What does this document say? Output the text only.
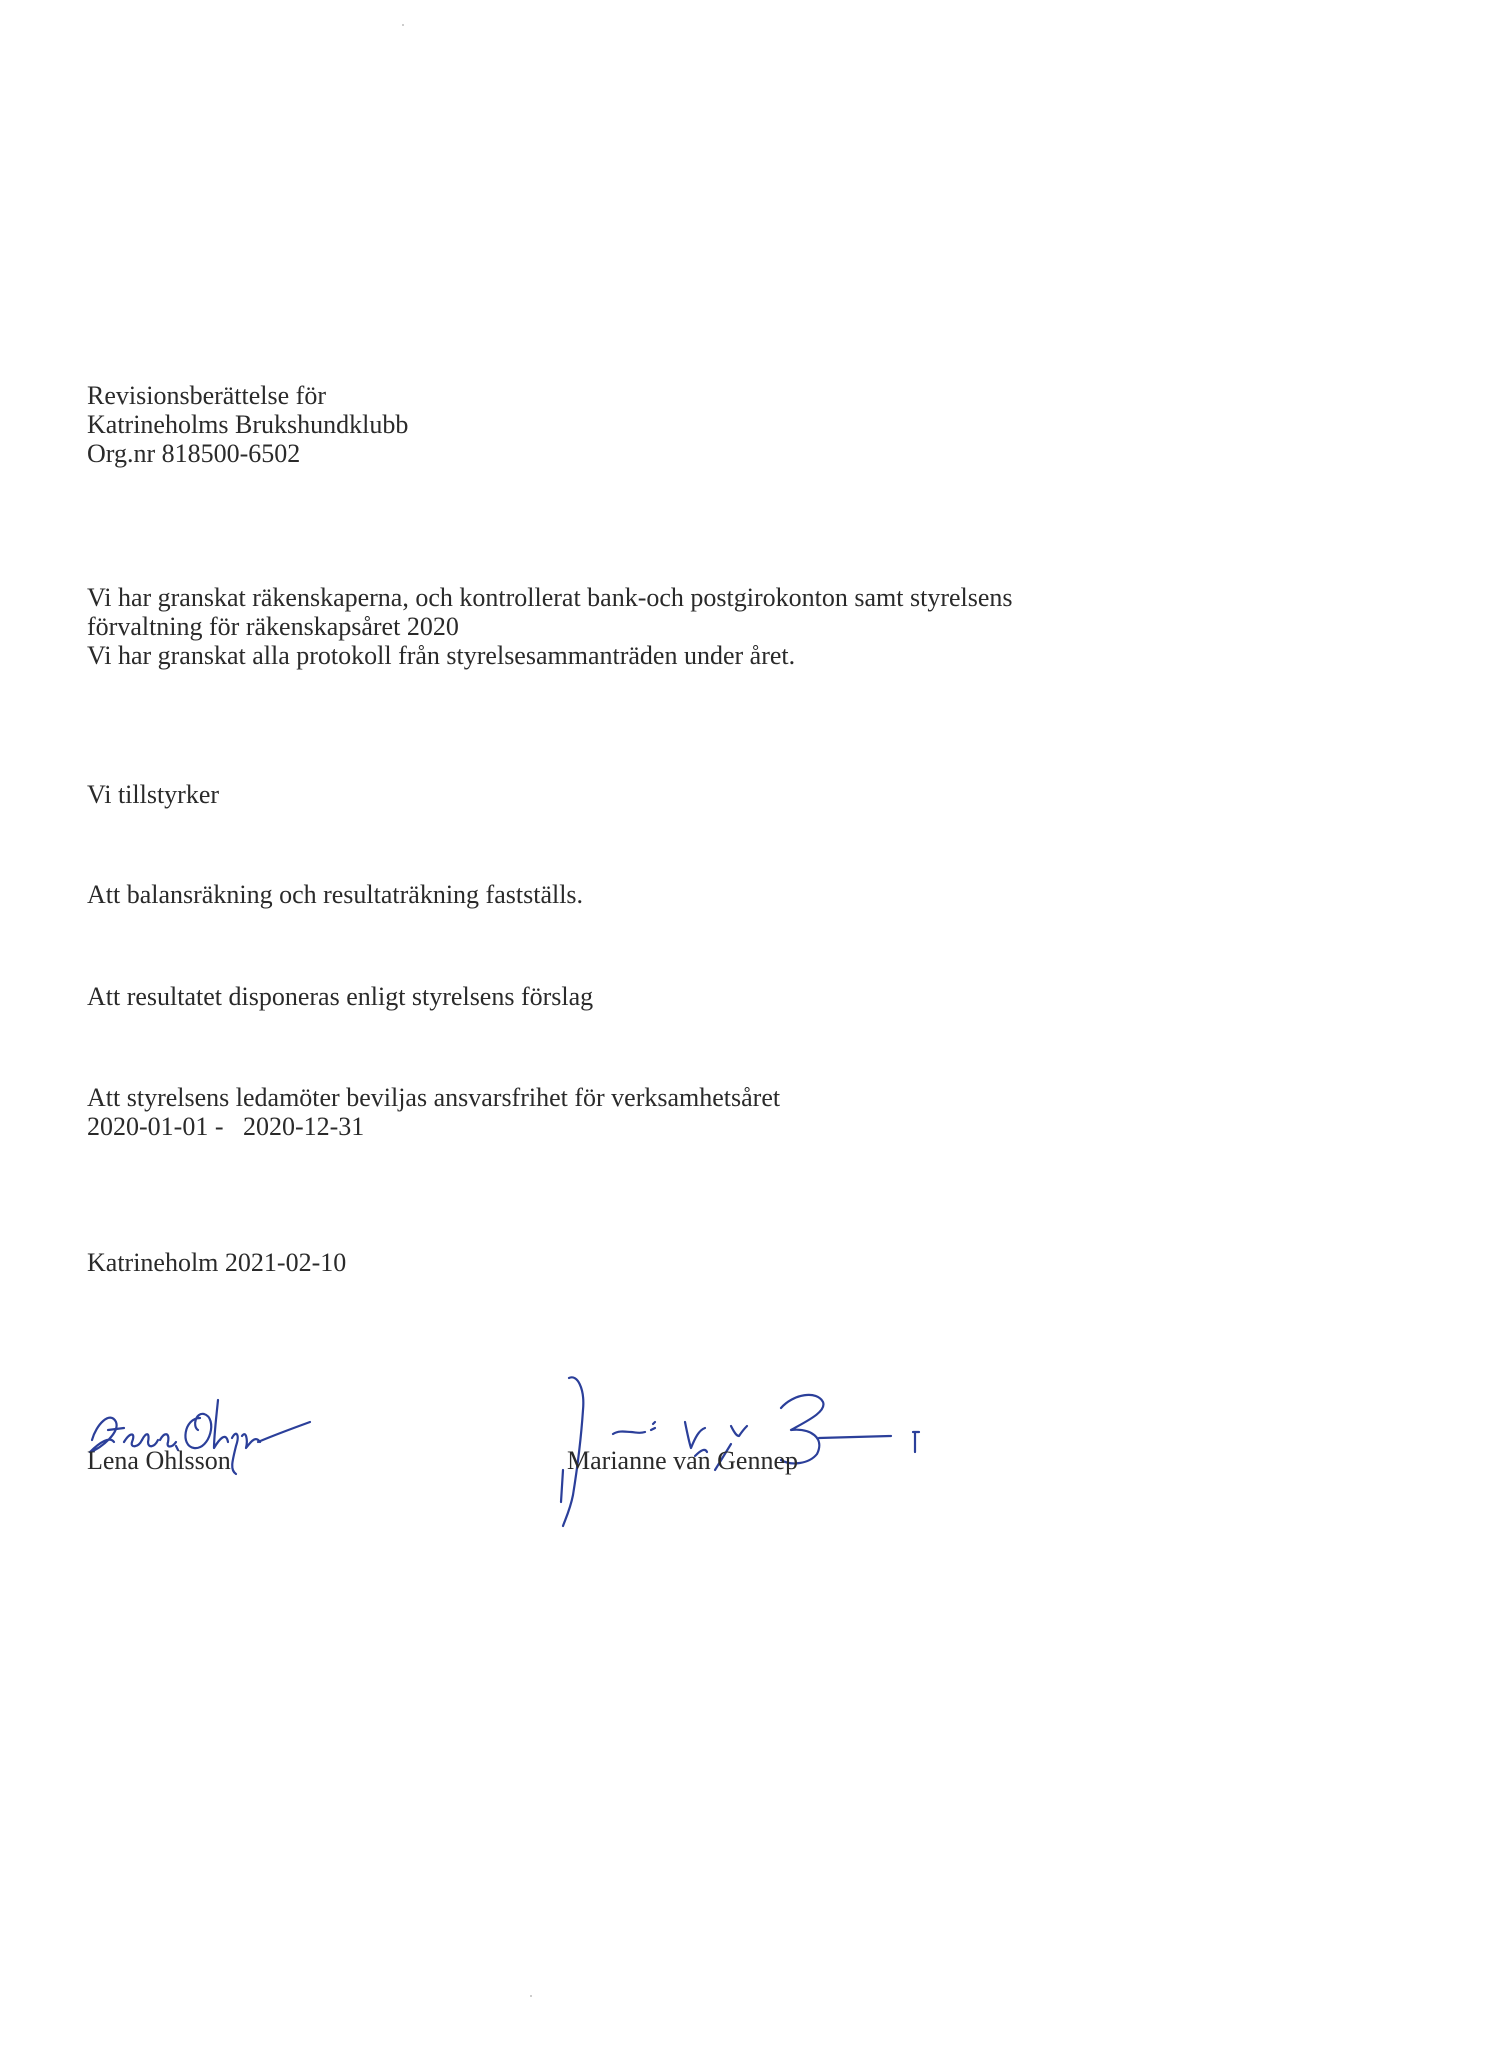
Revisionsberättelse för
Katrineholms Brukshundklubb
Org.nr 818500-6502
Vi har granskat räkenskaperna, och kontrollerat bank-och postgirokonton samt styrelsens
förvaltning för räkenskapsåret 2020
Vi har granskat alla protokoll från styrelsesammanträden under året.
Vi tillstyrker
Att balansräkning och resultaträkning fastställs.
Att resultatet disponeras enligt styrelsens förslag
Att styrelsens ledamöter beviljas ansvarsfrihet för verksamhetsåret
2020-01-01 -   2020-12-31
Katrineholm 2021-02-10
Lena Ohlsson	Marianne van Gennep
